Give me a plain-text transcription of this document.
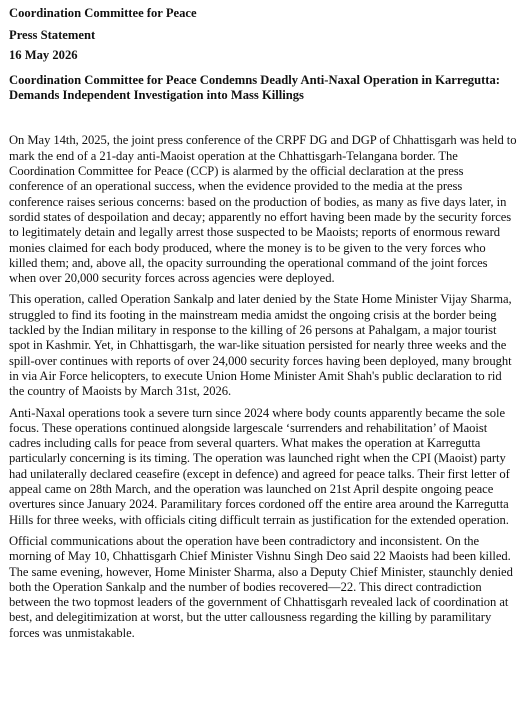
Coordination Committee for Peace

Press Statement

16 May 2026

Coordination Committee for Peace Condemns Deadly Anti-Naxal Operation in Karregutta: Demands Independent Investigation into Mass Killings

On May 14th, 2025, the joint press conference of the CRPF DG and DGP of Chhattisgarh was held to mark the end of a 21-day anti-Maoist operation at the Chhattisgarh-Telangana border. The Coordination Committee for Peace (CCP) is alarmed by the official declaration at the press conference of an operational success, when the evidence provided to the media at the press conference raises serious concerns: based on the production of bodies, as many as five days later, in sordid states of despoilation and decay; apparently no effort having been made by the security forces to legitimately detain and legally arrest those suspected to be Maoists; reports of enormous reward monies claimed for each body produced, where the money is to be given to the very forces who killed them; and, above all, the opacity surrounding the operational command of the joint forces when over 20,000 security forces across agencies were deployed.

This operation, called Operation Sankalp and later denied by the State Home Minister Vijay Sharma, struggled to find its footing in the mainstream media amidst the ongoing crisis at the border being tackled by the Indian military in response to the killing of 26 persons at Pahalgam, a major tourist spot in Kashmir. Yet, in Chhattisgarh, the war-like situation persisted for nearly three weeks and the spill-over continues with reports of over 24,000 security forces having been deployed, many brought in via Air Force helicopters, to execute Union Home Minister Amit Shah's public declaration to rid the country of Maoists by March 31st, 2026.

Anti-Naxal operations took a severe turn since 2024 where body counts apparently became the sole focus. These operations continued alongside largescale ‘surrenders and rehabilitation’ of Maoist cadres including calls for peace from several quarters. What makes the operation at Karregutta particularly concerning is its timing. The operation was launched right when the CPI (Maoist) party had unilaterally declared ceasefire (except in defence) and agreed for peace talks. Their first letter of appeal came on 28th March, and the operation was launched on 21st April despite ongoing peace overtures since January 2024. Paramilitary forces cordoned off the entire area around the Karregutta Hills for three weeks, with officials citing difficult terrain as justification for the extended operation.

Official communications about the operation have been contradictory and inconsistent. On the morning of May 10, Chhattisgarh Chief Minister Vishnu Singh Deo said 22 Maoists had been killed. The same evening, however, Home Minister Sharma, also a Deputy Chief Minister, staunchly denied both the Operation Sankalp and the number of bodies recovered—22. This direct contradiction between the two topmost leaders of the government of Chhattisgarh revealed lack of coordination at best, and delegitimization at worst, but the utter callousness regarding the killing by paramilitary forces was unmistakable.
